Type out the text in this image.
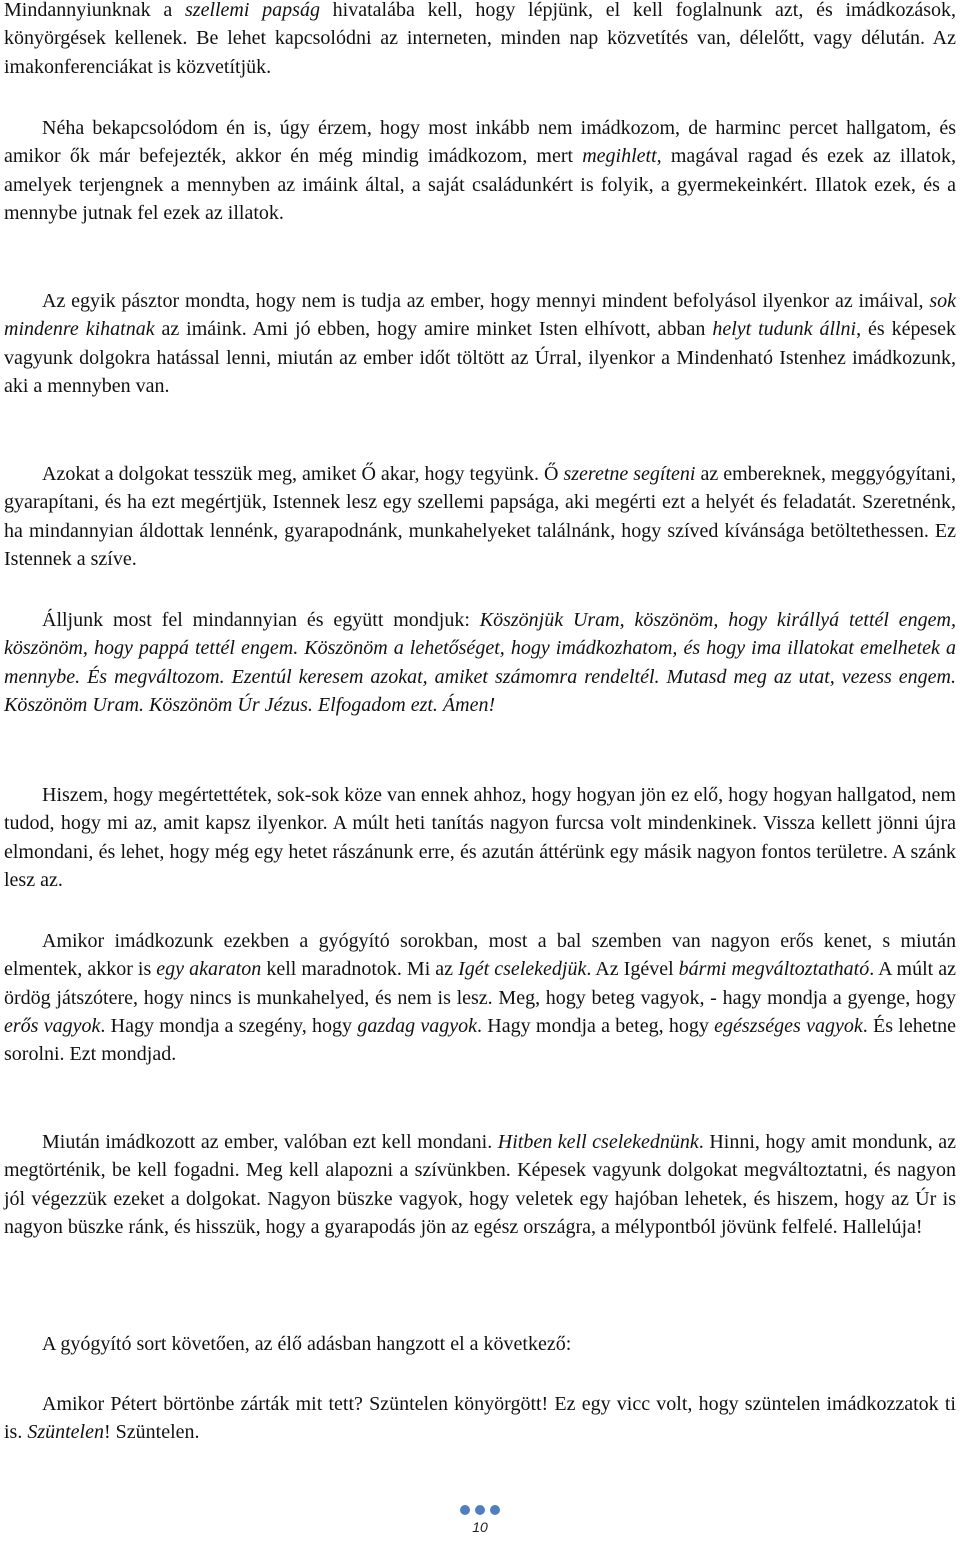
Mindannyiunknak a szellemi papság hivatalába kell, hogy lépjünk, el kell foglalnunk azt, és imádkozások, könyörgések kellenek. Be lehet kapcsolódni az interneten, minden nap közvetítés van, délelőtt, vagy délután. Az imakonferenciákat is közvetítjük.

Néha bekapcsolódom én is, úgy érzem, hogy most inkább nem imádkozom, de harminc percet hallgatom, és amikor ők már befejezték, akkor én még mindig imádkozom, mert megihlett, magával ragad és ezek az illatok, amelyek terjengnek a mennyben az imáink által, a saját családunkért is folyik, a gyermekeinkért. Illatok ezek, és a mennybe jutnak fel ezek az illatok.

Az egyik pásztor mondta, hogy nem is tudja az ember, hogy mennyi mindent befolyásol ilyenkor az imáival, sok mindenre kihatnak az imáink. Ami jó ebben, hogy amire minket Isten elhívott, abban helyt tudunk állni, és képesek vagyunk dolgokra hatással lenni, miután az ember időt töltött az Úrral, ilyenkor a Mindenható Istenhez imádkozunk, aki a mennyben van.

Azokat a dolgokat tesszük meg, amiket Ő akar, hogy tegyünk. Ő szeretne segíteni az embereknek, meggyógyítani, gyarapítani, és ha ezt megértjük, Istennek lesz egy szellemi papsága, aki megérti ezt a helyét és feladatát. Szeretnénk, ha mindannyian áldottak lennénk, gyarapodnánk, munkahelyeket találnánk, hogy szíved kívánsága betöltethessen. Ez Istennek a szíve.

Álljunk most fel mindannyian és együtt mondjuk: Köszönjük Uram, köszönöm, hogy királlyá tettél engem, köszönöm, hogy pappá tettél engem. Köszönöm a lehetőséget, hogy imádkozhatom, és hogy ima illatokat emelhetek a mennybe. És megváltozom. Ezentúl keresem azokat, amiket számomra rendeltél. Mutasd meg az utat, vezess engem. Köszönöm Uram. Köszönöm Úr Jézus. Elfogadom ezt. Ámen!

Hiszem, hogy megértettétek, sok-sok köze van ennek ahhoz, hogy hogyan jön ez elő, hogy hogyan hallgatod, nem tudod, hogy mi az, amit kapsz ilyenkor. A múlt heti tanítás nagyon furcsa volt mindenkinek. Vissza kellett jönni újra elmondani, és lehet, hogy még egy hetet rászánunk erre, és azután áttérünk egy másik nagyon fontos területre. A szánk lesz az.

Amikor imádkozunk ezekben a gyógyító sorokban, most a bal szemben van nagyon erős kenet, s miután elmentek, akkor is egy akaraton kell maradnotok. Mi az Igét cselekedjük. Az Igével bármi megváltoztatható. A múlt az ördög játszótere, hogy nincs is munkahelyed, és nem is lesz. Meg, hogy beteg vagyok, - hagy mondja a gyenge, hogy erős vagyok. Hagy mondja a szegény, hogy gazdag vagyok. Hagy mondja a beteg, hogy egészséges vagyok. És lehetne sorolni. Ezt mondjad.

Miután imádkozott az ember, valóban ezt kell mondani. Hitben kell cselekednünk. Hinni, hogy amit mondunk, az megtörténik, be kell fogadni. Meg kell alapozni a szívünkben. Képesek vagyunk dolgokat megváltoztatni, és nagyon jól végezzük ezeket a dolgokat. Nagyon büszke vagyok, hogy veletek egy hajóban lehetek, és hiszem, hogy az Úr is nagyon büszke ránk, és hisszük, hogy a gyarapodás jön az egész országra, a mélypontból jövünk felfelé. Hallelúja!

A gyógyító sort követően, az élő adásban hangzott el a következő:

Amikor Pétert börtönbe zárták mit tett? Szüntelen könyörgött! Ez egy vicc volt, hogy szüntelen imádkozzatok ti is. Szüntelen! Szüntelen.

10
